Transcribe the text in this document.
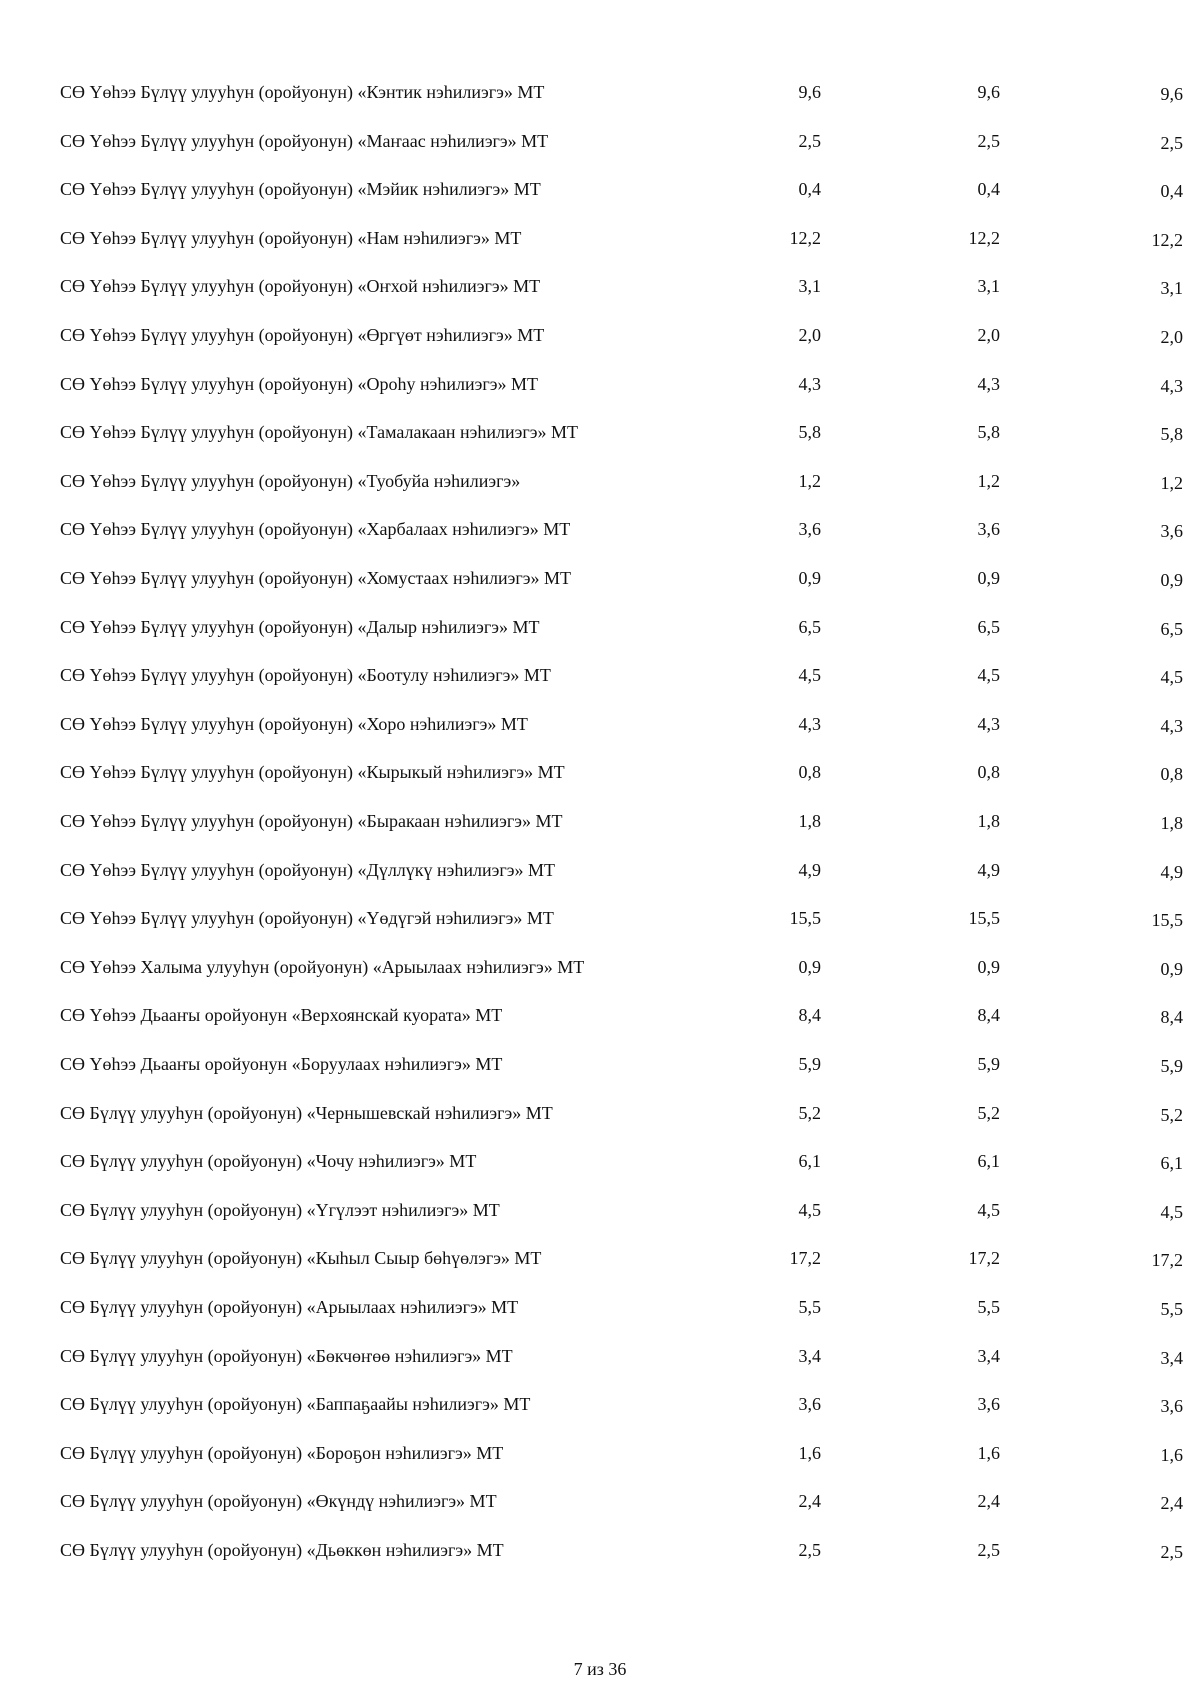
СӨ Үөһээ Бүлүү улууһун (оройуонун) «Кэнтик нэһилиэгэ» МТ	9,6	9,6	9,6
СӨ Үөһээ Бүлүү улууһун (оройуонун) «Маҥаас нэһилиэгэ» МТ	2,5	2,5	2,5
СӨ Үөһээ Бүлүү улууһун (оройуонун) «Мэйик нэһилиэгэ» МТ	0,4	0,4	0,4
СӨ Үөһээ Бүлүү улууһун (оройуонун) «Нам нэһилиэгэ» МТ	12,2	12,2	12,2
СӨ Үөһээ Бүлүү улууһун (оройуонун) «Оҥхой нэһилиэгэ» МТ	3,1	3,1	3,1
СӨ Үөһээ Бүлүү улууһун (оройуонун) «Өргүөт нэһилиэгэ» МТ	2,0	2,0	2,0
СӨ Үөһээ Бүлүү улууһун (оройуонун) «Ороһу нэһилиэгэ» МТ	4,3	4,3	4,3
СӨ Үөһээ Бүлүү улууһун (оройуонун) «Тамалакаан нэһилиэгэ» МТ	5,8	5,8	5,8
СӨ Үөһээ Бүлүү улууһун (оройуонун) «Туобуйа нэһилиэгэ»	1,2	1,2	1,2
СӨ Үөһээ Бүлүү улууһун (оройуонун) «Харбалаах нэһилиэгэ» МТ	3,6	3,6	3,6
СӨ Үөһээ Бүлүү улууһун (оройуонун) «Хомустаах нэһилиэгэ» МТ	0,9	0,9	0,9
СӨ Үөһээ Бүлүү улууһун (оройуонун) «Далыр нэһилиэгэ» МТ	6,5	6,5	6,5
СӨ Үөһээ Бүлүү улууһун (оройуонун) «Боотулу нэһилиэгэ» МТ	4,5	4,5	4,5
СӨ Үөһээ Бүлүү улууһун (оройуонун) «Хоро нэһилиэгэ» МТ	4,3	4,3	4,3
СӨ Үөһээ Бүлүү улууһун (оройуонун) «Кырыкый нэһилиэгэ» МТ	0,8	0,8	0,8
СӨ Үөһээ Бүлүү улууһун (оройуонун) «Быракаан нэһилиэгэ» МТ	1,8	1,8	1,8
СӨ Үөһээ Бүлүү улууһун (оройуонун) «Дүллүкү нэһилиэгэ» МТ	4,9	4,9	4,9
СӨ Үөһээ Бүлүү улууһун (оройуонун) «Үөдүгэй нэһилиэгэ» МТ	15,5	15,5	15,5
СӨ Үөһээ Халыма улууһун (оройуонун) «Арыылаах нэһилиэгэ» МТ	0,9	0,9	0,9
СӨ Үөһээ Дьааҥы оройуонун «Верхоянскай куората» МТ	8,4	8,4	8,4
СӨ Үөһээ Дьааҥы оройуонун «Боруулаах нэһилиэгэ» МТ	5,9	5,9	5,9
СӨ Бүлүү улууһун (оройуонун) «Чернышевскай нэһилиэгэ» МТ	5,2	5,2	5,2
СӨ Бүлүү улууһун (оройуонун) «Чочу нэһилиэгэ» МТ	6,1	6,1	6,1
СӨ Бүлүү улууһун (оройуонун) «Үгүлээт нэһилиэгэ» МТ	4,5	4,5	4,5
СӨ Бүлүү улууһун (оройуонун) «Кыһыл Сыыр бөһүөлэгэ» МТ	17,2	17,2	17,2
СӨ Бүлүү улууһун (оройуонун) «Арыылаах нэһилиэгэ» МТ	5,5	5,5	5,5
СӨ Бүлүү улууһун (оройуонун) «Бөкчөҥөө нэһилиэгэ» МТ	3,4	3,4	3,4
СӨ Бүлүү улууһун (оройуонун) «Баппаҕаайы нэһилиэгэ» МТ	3,6	3,6	3,6
СӨ Бүлүү улууһун (оройуонун) «Бороҕон нэһилиэгэ» МТ	1,6	1,6	1,6
СӨ Бүлүү улууһун (оройуонун) «Өкүндү нэһилиэгэ» МТ	2,4	2,4	2,4
СӨ Бүлүү улууһун (оройуонун) «Дьөккөн нэһилиэгэ» МТ	2,5	2,5	2,5
7 из 36
